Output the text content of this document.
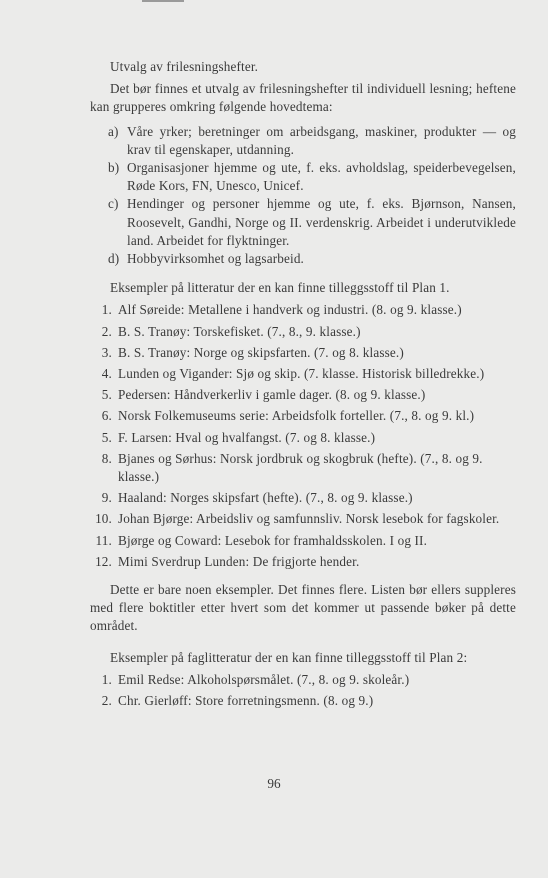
Utvalg av frilesningshefter.

Det bør finnes et utvalg av frilesningshefter til individuell lesning; heftene kan grupperes omkring følgende hovedtema:

a) Våre yrker; beretninger om arbeidsgang, maskiner, produkter — og krav til egenskaper, utdanning.
b) Organisasjoner hjemme og ute, f. eks. avholdslag, speiderbevegelsen, Røde Kors, FN, Unesco, Unicef.
c) Hendinger og personer hjemme og ute, f. eks. Bjørnson, Nansen, Roosevelt, Gandhi, Norge og II. verdenskrig. Arbeidet i underutviklede land. Arbeidet for flyktninger.
d) Hobbyvirksomhet og lagsarbeid.

Eksempler på litteratur der en kan finne tilleggsstoff til Plan 1.

1. Alf Søreide: Metallene i handverk og industri. (8. og 9. klasse.)
2. B. S. Tranøy: Torskefisket. (7., 8., 9. klasse.)
3. B. S. Tranøy: Norge og skipsfarten. (7. og 8. klasse.)
4. Lunden og Vigander: Sjø og skip. (7. klasse. Historisk billedrekke.)
5. Pedersen: Håndverkerliv i gamle dager. (8. og 9. klasse.)
6. Norsk Folkemuseums serie: Arbeidsfolk forteller. (7., 8. og 9. kl.)
5. F. Larsen: Hval og hvalfangst. (7. og 8. klasse.)
8. Bjanes og Sørhus: Norsk jordbruk og skogbruk (hefte). (7., 8. og 9. klasse.)
9. Haaland: Norges skipsfart (hefte). (7., 8. og 9. klasse.)
10. Johan Bjørge: Arbeidsliv og samfunnsliv. Norsk lesebok for fagskoler.
11. Bjørge og Coward: Lesebok for framhaldsskolen. I og II.
12. Mimi Sverdrup Lunden: De frigjorte hender.

Dette er bare noen eksempler. Det finnes flere. Listen bør ellers suppleres med flere boktitler etter hvert som det kommer ut passende bøker på dette området.

Eksempler på faglitteratur der en kan finne tilleggsstoff til Plan 2:

1. Emil Redse: Alkoholspørsmålet. (7., 8. og 9. skoleår.)
2. Chr. Gierløff: Store forretningsmenn. (8. og 9.)
96
